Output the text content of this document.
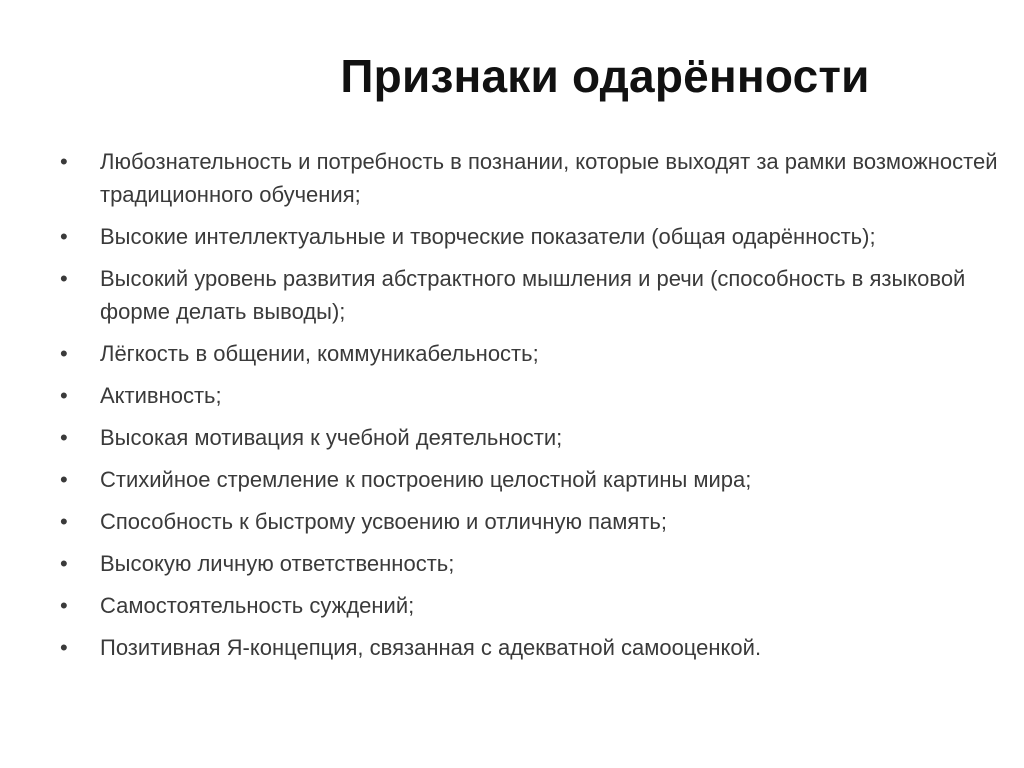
Признаки одарённости
• Любознательность и потребность в познании, которые выходят за рамки возможностей традиционного обучения;
• Высокие интеллектуальные и творческие показатели (общая одарённость);
• Высокий уровень развития абстрактного мышления и речи (способность в языковой форме делать выводы);
• Лёгкость в общении, коммуникабельность;
• Активность;
• Высокая мотивация к учебной деятельности;
• Стихийное стремление к построению целостной картины мира;
• Способность к быстрому усвоению и отличную память;
• Высокую личную ответственность;
• Самостоятельность суждений;
• Позитивная Я-концепция, связанная с адекватной самооценкой.
